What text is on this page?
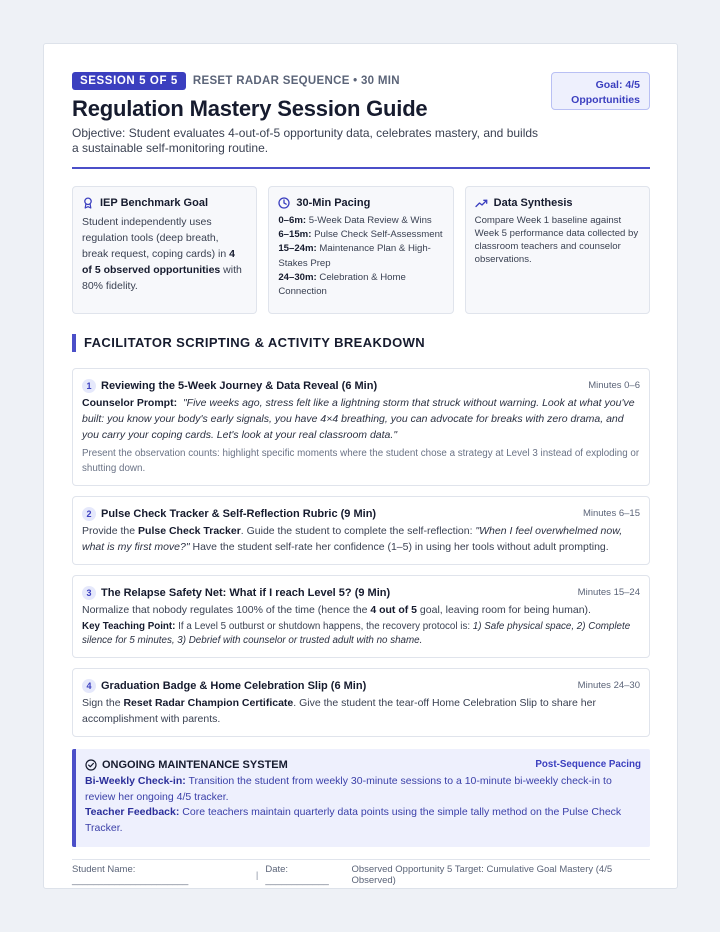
Goal: 4/5
Opportunities
SESSION 5 OF 5	RESET RADAR SEQUENCE • 30 MIN
Regulation Mastery Session Guide
Objective: Student evaluates 4-out-of-5 opportunity data, celebrates mastery, and builds a sustainable self-monitoring routine.
IEP Benchmark Goal
Student independently uses regulation tools (deep breath, break request, coping cards) in 4 of 5 observed opportunities with 80% fidelity.
30-Min Pacing
0–6m: 5-Week Data Review & Wins
6–15m: Pulse Check Self-Assessment
15–24m: Maintenance Plan & High-Stakes Prep
24–30m: Celebration & Home Connection
Data Synthesis
Compare Week 1 baseline against Week 5 performance data collected by classroom teachers and counselor observations.
FACILITATOR SCRIPTING & ACTIVITY BREAKDOWN
1 Reviewing the 5-Week Journey & Data Reveal (6 Min)	Minutes 0–6
Counselor Prompt: "Five weeks ago, stress felt like a lightning storm that struck without warning. Look at what you've built: you know your body's early signals, you have 4×4 breathing, you can advocate for breaks with zero drama, and you carry your coping cards. Let's look at your real classroom data."
Present the observation counts: highlight specific moments where the student chose a strategy at Level 3 instead of exploding or shutting down.
2 Pulse Check Tracker & Self-Reflection Rubric (9 Min)	Minutes 6–15
Provide the Pulse Check Tracker. Guide the student to complete the self-reflection: "When I feel overwhelmed now, what is my first move?" Have the student self-rate her confidence (1–5) in using her tools without adult prompting.
3 The Relapse Safety Net: What if I reach Level 5? (9 Min)	Minutes 15–24
Normalize that nobody regulates 100% of the time (hence the 4 out of 5 goal, leaving room for being human).
Key Teaching Point: If a Level 5 outburst or shutdown happens, the recovery protocol is: 1) Safe physical space, 2) Complete silence for 5 minutes, 3) Debrief with counselor or trusted adult with no shame.
4 Graduation Badge & Home Celebration Slip (6 Min)	Minutes 24–30
Sign the Reset Radar Champion Certificate. Give the student the tear-off Home Celebration Slip to share her accomplishment with parents.
ONGOING MAINTENANCE SYSTEM	Post-Sequence Pacing
Bi-Weekly Check-in: Transition the student from weekly 30-minute sessions to a 10-minute bi-weekly check-in to review her ongoing 4/5 tracker.
Teacher Feedback: Core teachers maintain quarterly data points using the simple tally method on the Pulse Check Tracker.
Student Name: ______________________	| Date: ____________
Observed Opportunity 5 Target: Cumulative Goal Mastery (4/5 Observed)
